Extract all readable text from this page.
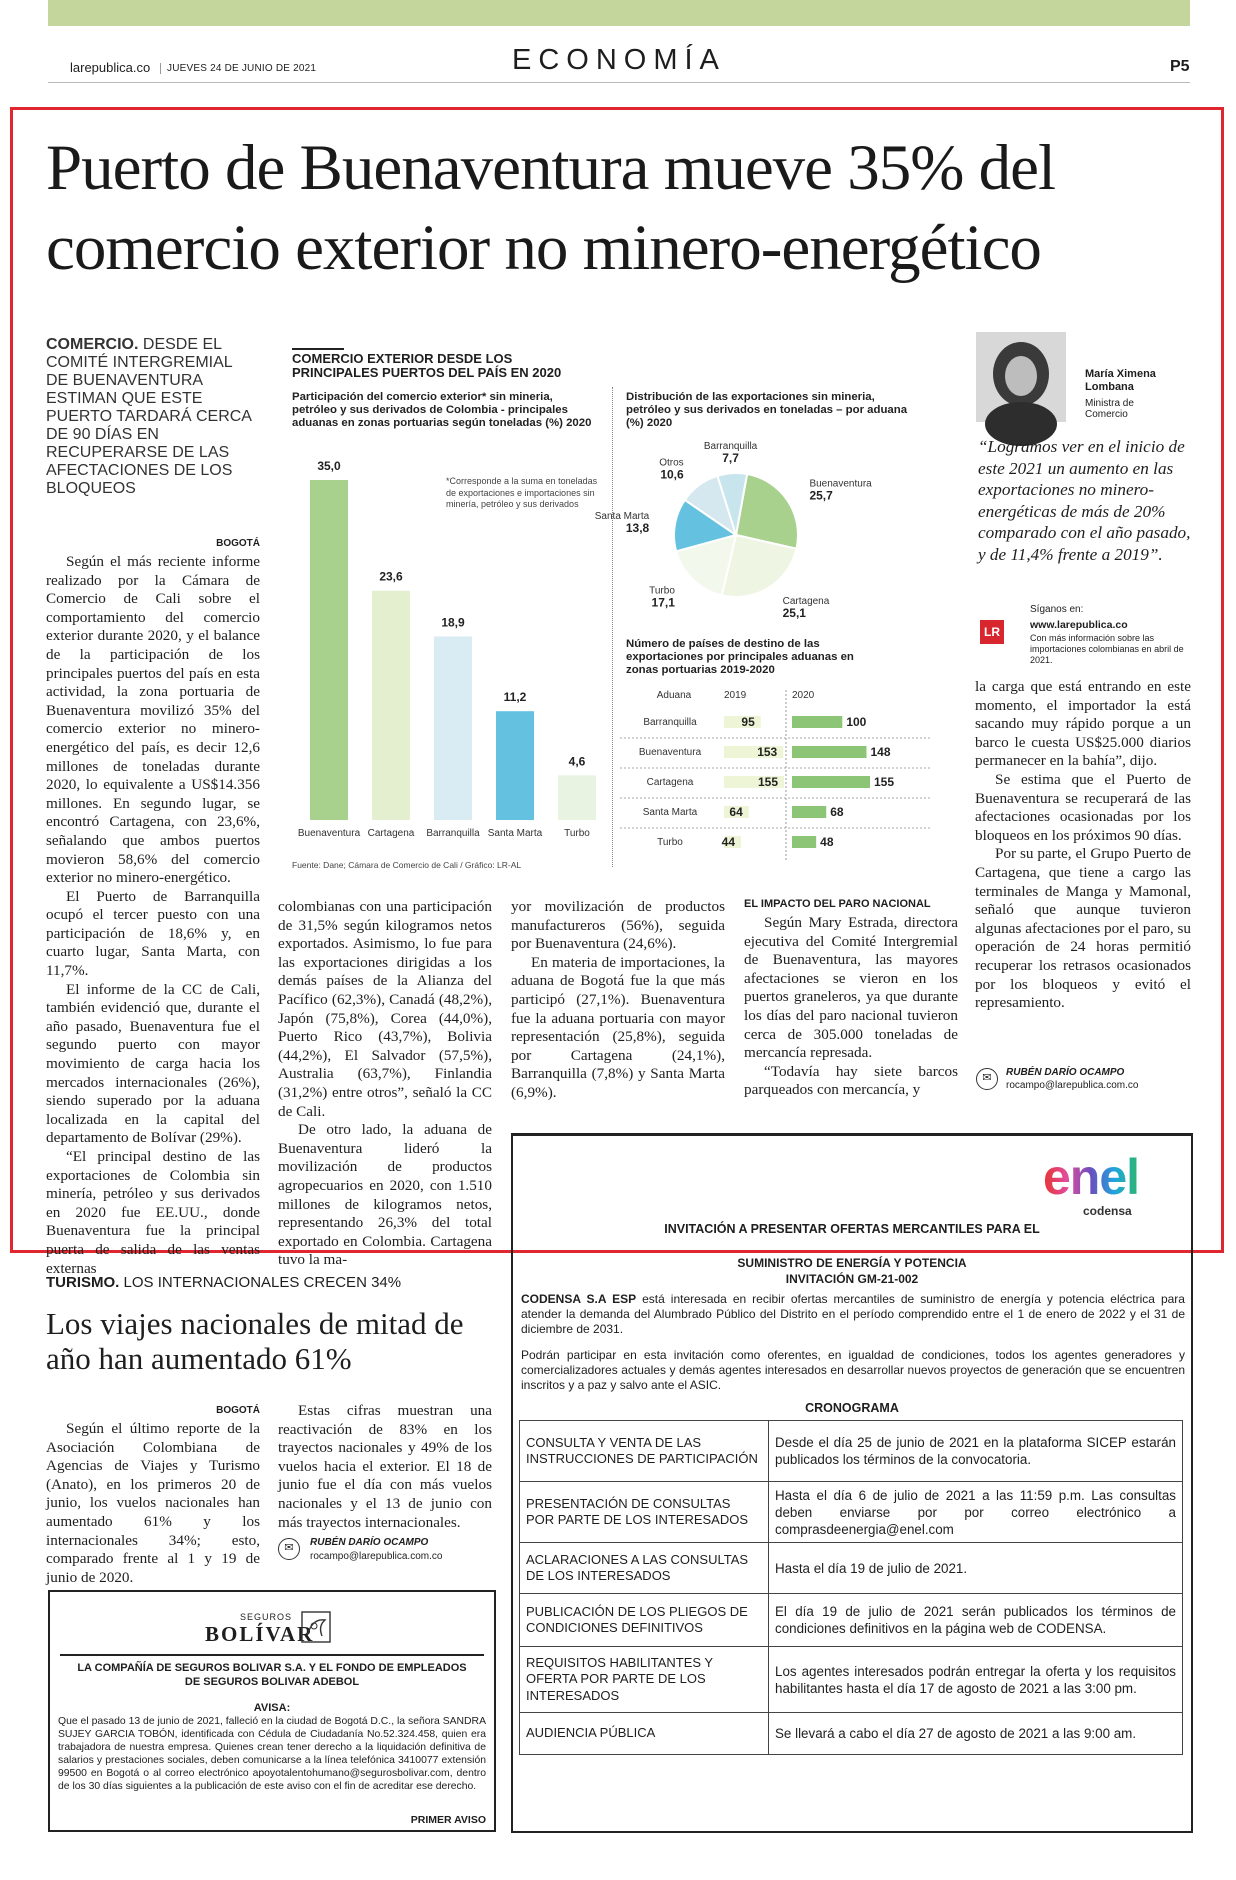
larepublica.co	JUEVES 24 DE JUNIO DE 2021	ECONOMÍA	P5
Puerto de Buenaventura mueve 35% del comercio exterior no minero-energético
COMERCIO. DESDE EL COMITÉ INTERGREMIAL DE BUENAVENTURA ESTIMAN QUE ESTE PUERTO TARDARÁ CERCA DE 90 DÍAS EN RECUPERARSE DE LAS AFECTACIONES DE LOS BLOQUEOS
BOGOTÁ

Según el más reciente informe realizado por la Cámara de Comercio de Cali sobre el comportamiento del comercio exterior durante 2020, y el balance de la participación de los principales puertos del país en esta actividad, la zona portuaria de Buenaventura movilizó 35% del comercio exterior no minero-energético del país, es decir 12,6 millones de toneladas durante 2020, lo equivalente a US$14.356 millones. En segundo lugar, se encontró Cartagena, con 23,6%, señalando que ambos puertos movieron 58,6% del comercio exterior no minero-energético.

El Puerto de Barranquilla ocupó el tercer puesto con una participación de 18,6% y, en cuarto lugar, Santa Marta, con 11,7%.

El informe de la CC de Cali, también evidenció que, durante el año pasado, Buenaventura fue el segundo puerto con mayor movimiento de carga hacia los mercados internacionales (26%), siendo superado por la aduana localizada en la capital del departamento de Bolívar (29%).

“El principal destino de las exportaciones de Colombia sin minería, petróleo y sus derivados en 2020 fue EE.UU., donde Buenaventura fue la principal puerta de salida de las ventas externas

colombianas con una participación de 31,5% según kilogramos netos exportados. Asimismo, lo fue para las exportaciones dirigidas a los demás países de la Alianza del Pacífico (62,3%), Canadá (48,2%), Japón (75,8%), Corea (44,0%), Puerto Rico (43,7%), Bolivia (44,2%), El Salvador (57,5%), Australia (63,7%), Finlandia (31,2%) entre otros”, señaló la CC de Cali.

De otro lado, la aduana de Buenaventura lideró la movilización de productos agropecuarios en 2020, con 1.510 millones de kilogramos netos, representando 26,3% del total exportado en Colombia. Cartagena tuvo la ma-

yor movilización de productos manufactureros (56%), seguida por Buenaventura (24,6%).

En materia de importaciones, la aduana de Bogotá fue la que más participó (27,1%). Buenaventura fue la aduana portuaria con mayor representación (25,8%), seguida por Cartagena (24,1%), Barranquilla (7,8%) y Santa Marta (6,9%).

EL IMPACTO DEL PARO NACIONAL

Según Mary Estrada, directora ejecutiva del Comité Intergremial de Buenaventura, las mayores afectaciones se vieron en los puertos graneleros, ya que durante los días del paro nacional tuvieron cerca de 305.000 toneladas de mercancía represada.

“Todavía hay siete barcos parqueados con mercancía, y

la carga que está entrando en este momento, el importador la está sacando muy rápido porque a un barco le cuesta US$25.000 diarios permanecer en la bahía”, dijo.

Se estima que el Puerto de Buenaventura se recuperará de las afectaciones ocasionadas por los bloqueos en los próximos 90 días.

Por su parte, el Grupo Puerto de Cartagena, que tiene a cargo las terminales de Manga y Mamonal, señaló que aunque tuvieron algunas afectaciones por el paro, su operación de 24 horas permitió recuperar los retrasos ocasionados por los bloqueos y evitó el represamiento.

✉	RUBÉN DARÍO OCAMPO
rocampo@larepublica.com.co
María Ximena Lombana
Ministra de Comercio
“Logramos ver en el inicio de este 2021 un aumento en las exportaciones no minero-energéticas de más de 20% comparado con el año pasado, y de 11,4% frente a 2019”.
LR
Síganos en:
www.larepublica.co
Con más información sobre las importaciones colombianas en abril de 2021.
COMERCIO EXTERIOR DESDE LOS PRINCIPALES PUERTOS DEL PAÍS EN 2020
Participación del comercio exterior* sin mineria, petróleo y sus derivados de Colombia - principales aduanas en zonas portuarias según toneladas (%) 2020
*Corresponde a la suma en toneladas de exportaciones e importaciones sin minería, petróleo y sus derivados
35,0
Buenaventura
23,6
Cartagena
18,9
Barranquilla
11,2
Santa Marta
4,6
Turbo
Distribución de las exportaciones sin mineria, petróleo y sus derivados en toneladas – por aduana (%) 2020
Buenaventura
25,7
Cartagena
25,1
Turbo
17,1
Santa Marta
13,8
Otros
10,6
Barranquilla
7,7
Número de países de destino de las exportaciones por principales aduanas en zonas portuarias 2019-2020
Aduana	2019	2020
Barranquilla	95	100
Buenaventura	153	148
Cartagena	155	155
Santa Marta	64	68
Turbo	44	48
Fuente: Dane; Cámara de Comercio de Cali / Gráfico: LR-AL
TURISMO. LOS INTERNACIONALES CRECEN 34%
Los viajes nacionales de mitad de año han aumentado 61%
BOGOTÁ

Según el último reporte de la Asociación Colombiana de Agencias de Viajes y Turismo (Anato), en los primeros 20 de junio, los vuelos nacionales han aumentado 61% y los internacionales 34%; esto, comparado frente al 1 y 19 de junio de 2020.

Estas cifras muestran una reactivación de 83% en los trayectos nacionales y 49% de los vuelos hacia el exterior. El 18 de junio fue el día con más vuelos nacionales y el 13 de junio con más trayectos internacionales.

✉	RUBÉN DARÍO OCAMPO
rocampo@larepublica.com.co
SEGUROS
BOLÍVAR
LA COMPAÑÍA DE SEGUROS BOLIVAR S.A. Y EL FONDO DE EMPLEADOS DE SEGUROS BOLIVAR ADEBOL
AVISA:
Que el pasado 13 de junio de 2021, falleció en la ciudad de Bogotá D.C., la señora SANDRA SUJEY GARCIA TOBÓN, identificada con Cédula de Ciudadanía No.52.324.458, quien era trabajadora de nuestra empresa. Quienes crean tener derecho a la liquidación definitiva de salarios y prestaciones sociales, deben comunicarse a la línea telefónica 3410077 extensión 99500 en Bogotá o al correo electrónico apoyotalentohumano@segurosbolivar.com, dentro de los 30 días siguientes a la publicación de este aviso con el fin de acreditar ese derecho.
PRIMER AVISO
enel
codensa
INVITACIÓN A PRESENTAR OFERTAS MERCANTILES PARA EL
SUMINISTRO DE ENERGÍA Y POTENCIA
INVITACIÓN GM-21-002
CODENSA S.A ESP está interesada en recibir ofertas mercantiles de suministro de energía y potencia eléctrica para atender la demanda del Alumbrado Público del Distrito en el período comprendido entre el 1 de enero de 2022 y el 31 de diciembre de 2031.
Podrán participar en esta invitación como oferentes, en igualdad de condiciones, todos los agentes generadores y comercializadores actuales y demás agentes interesados en desarrollar nuevos proyectos de generación que se encuentren inscritos y a paz y salvo ante el ASIC.
CRONOGRAMA
CONSULTA Y VENTA DE LAS INSTRUCCIONES DE PARTICIPACIÓN	Desde el día 25 de junio de 2021 en la plataforma SICEP estarán publicados los términos de la convocatoria.
PRESENTACIÓN DE CONSULTAS POR PARTE DE LOS INTERESADOS	Hasta el día 6 de julio de 2021 a las 11:59 p.m. Las consultas deben enviarse por por correo electrónico a comprasdeenergia@enel.com
ACLARACIONES A LAS CONSULTAS DE LOS INTERESADOS	Hasta el día 19 de julio de 2021.
PUBLICACIÓN DE LOS PLIEGOS DE CONDICIONES DEFINITIVOS	El día 19 de julio de 2021 serán publicados los términos de condiciones definitivos en la página web de CODENSA.
REQUISITOS HABILITANTES Y OFERTA POR PARTE DE LOS INTERESADOS	Los agentes interesados podrán entregar la oferta y los requisitos habilitantes hasta el día 17 de agosto de 2021 a las 3:00 pm.
AUDIENCIA PÚBLICA	Se llevará a cabo el día 27 de agosto de 2021 a las 9:00 am.
